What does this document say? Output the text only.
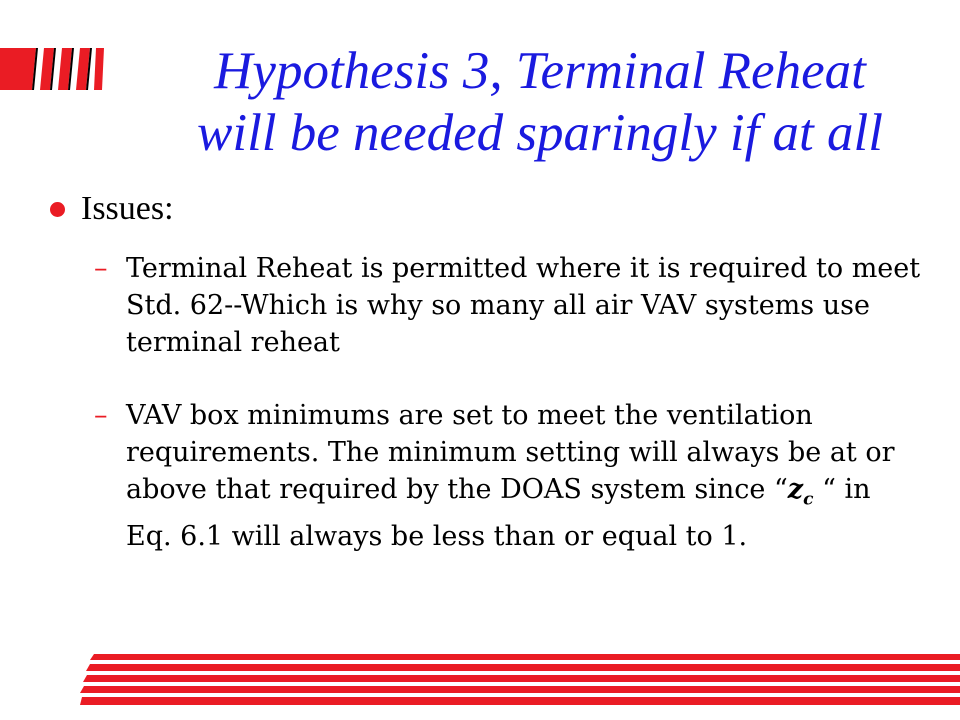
Hypothesis 3, Terminal Reheat
will be needed sparingly if at all
Issues:
– Terminal Reheat is permitted where it is required to meet Std. 62--Which is why so many all air VAV systems use terminal reheat
– VAV box minimums are set to meet the ventilation requirements. The minimum setting will always be at or above that required by the DOAS system since “$z_c$ “ in Eq. 6.1 will always be less than or equal to 1.
